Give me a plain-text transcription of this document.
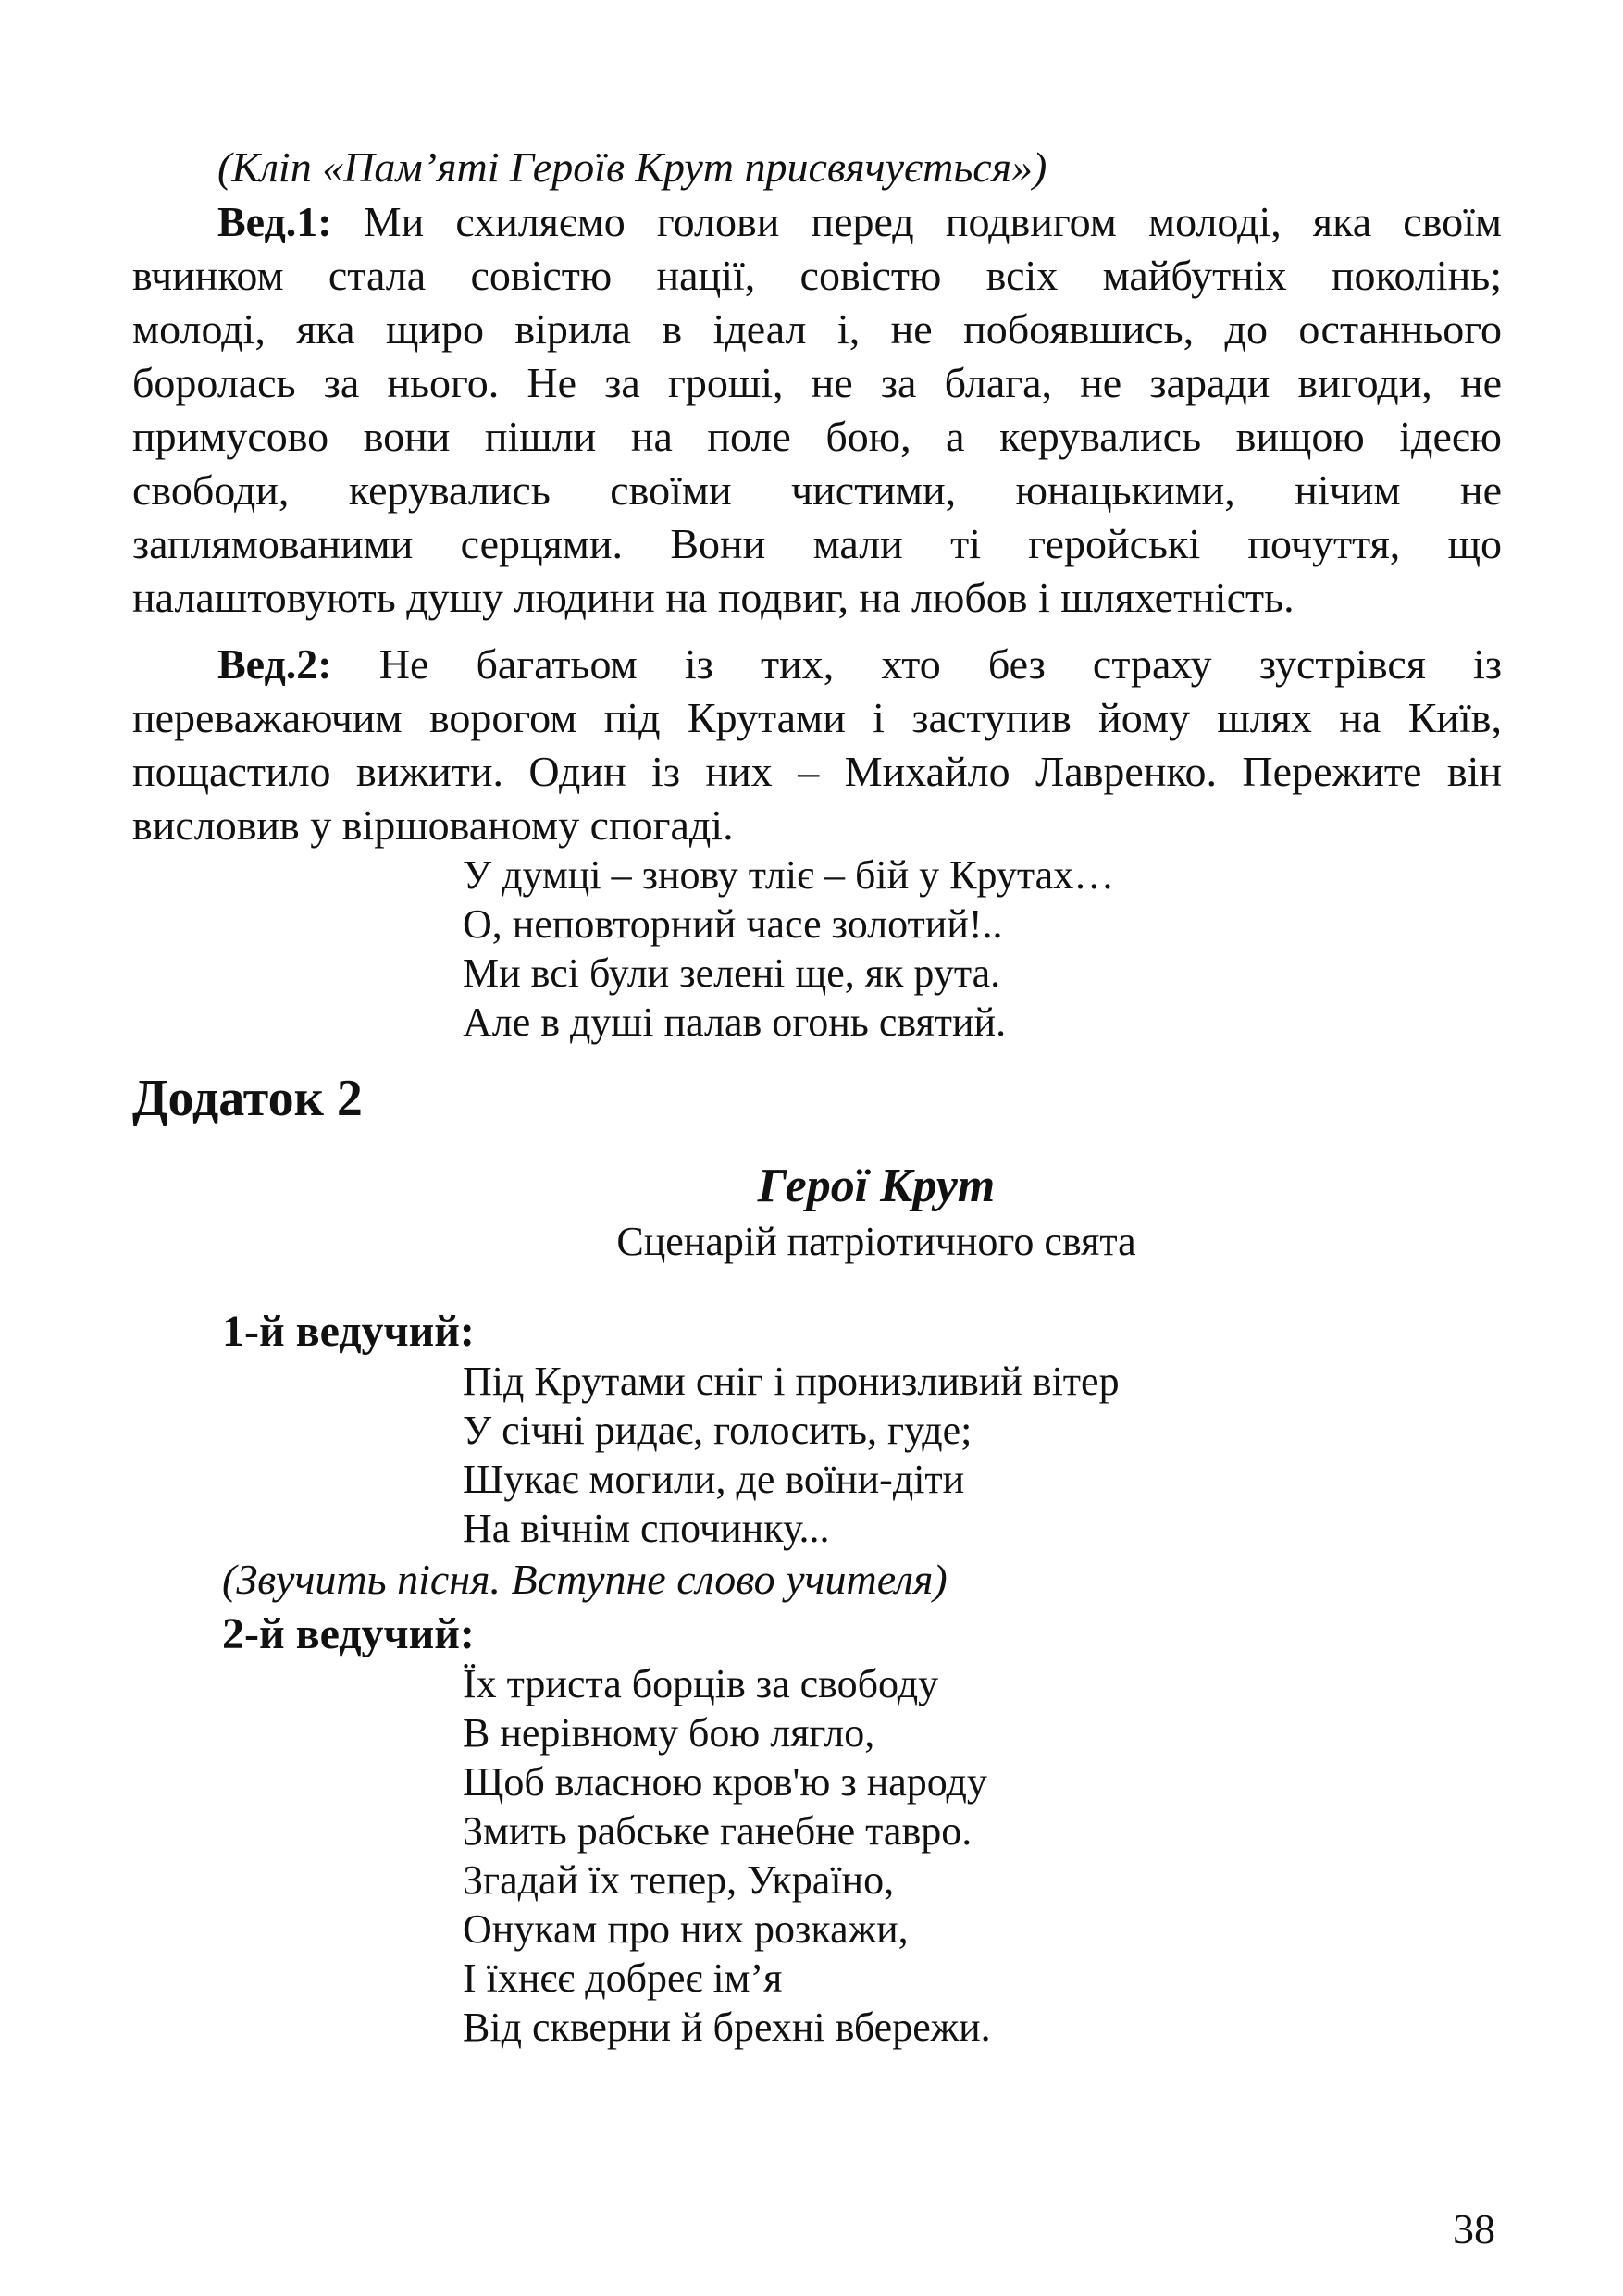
(Кліп «Пам’яті Героїв Крут присвячується»)
Вед.1: Ми схиляємо голови перед подвигом молоді, яка своїм
вчинком стала совістю нації, совістю всіх майбутніх поколінь;
молоді, яка щиро вірила в ідеал і, не побоявшись, до останнього
боролась за нього. Не за гроші, не за блага, не заради вигоди, не
примусово вони пішли на поле бою, а керувались вищою ідеєю
свободи, керувались своїми чистими, юнацькими, нічим не
заплямованими серцями. Вони мали ті геройські почуття, що
налаштовують душу людини на подвиг, на любов і шляхетність.
Вед.2: Не багатьом із тих, хто без страху зустрівся із
переважаючим ворогом під Крутами і заступив йому шлях на Київ,
пощастило вижити. Один із них – Михайло Лавренко. Пережите він
висловив у віршованому спогаді.
У думці – знову тліє – бій у Крутах…
О, неповторний часе золотий!..
Ми всі були зелені ще, як рута.
Але в душі палав огонь святий.
Додаток 2
Герої Крут
Сценарій патріотичного свята
1-й ведучий:
Під Крутами сніг і пронизливий вітер
У січні ридає, голосить, гуде;
Шукає могили, де воїни-діти
На вічнім спочинку...
(Звучить пісня. Вступне слово учителя)
2-й ведучий:
Їх триста борців за свободу
В нерівному бою лягло,
Щоб власною кров'ю з народу
Змить рабське ганебне тавро.
Згадай їх тепер, Україно,
Онукам про них розкажи,
І їхнєє добреє ім’я
Від скверни й брехні вбережи.
38
